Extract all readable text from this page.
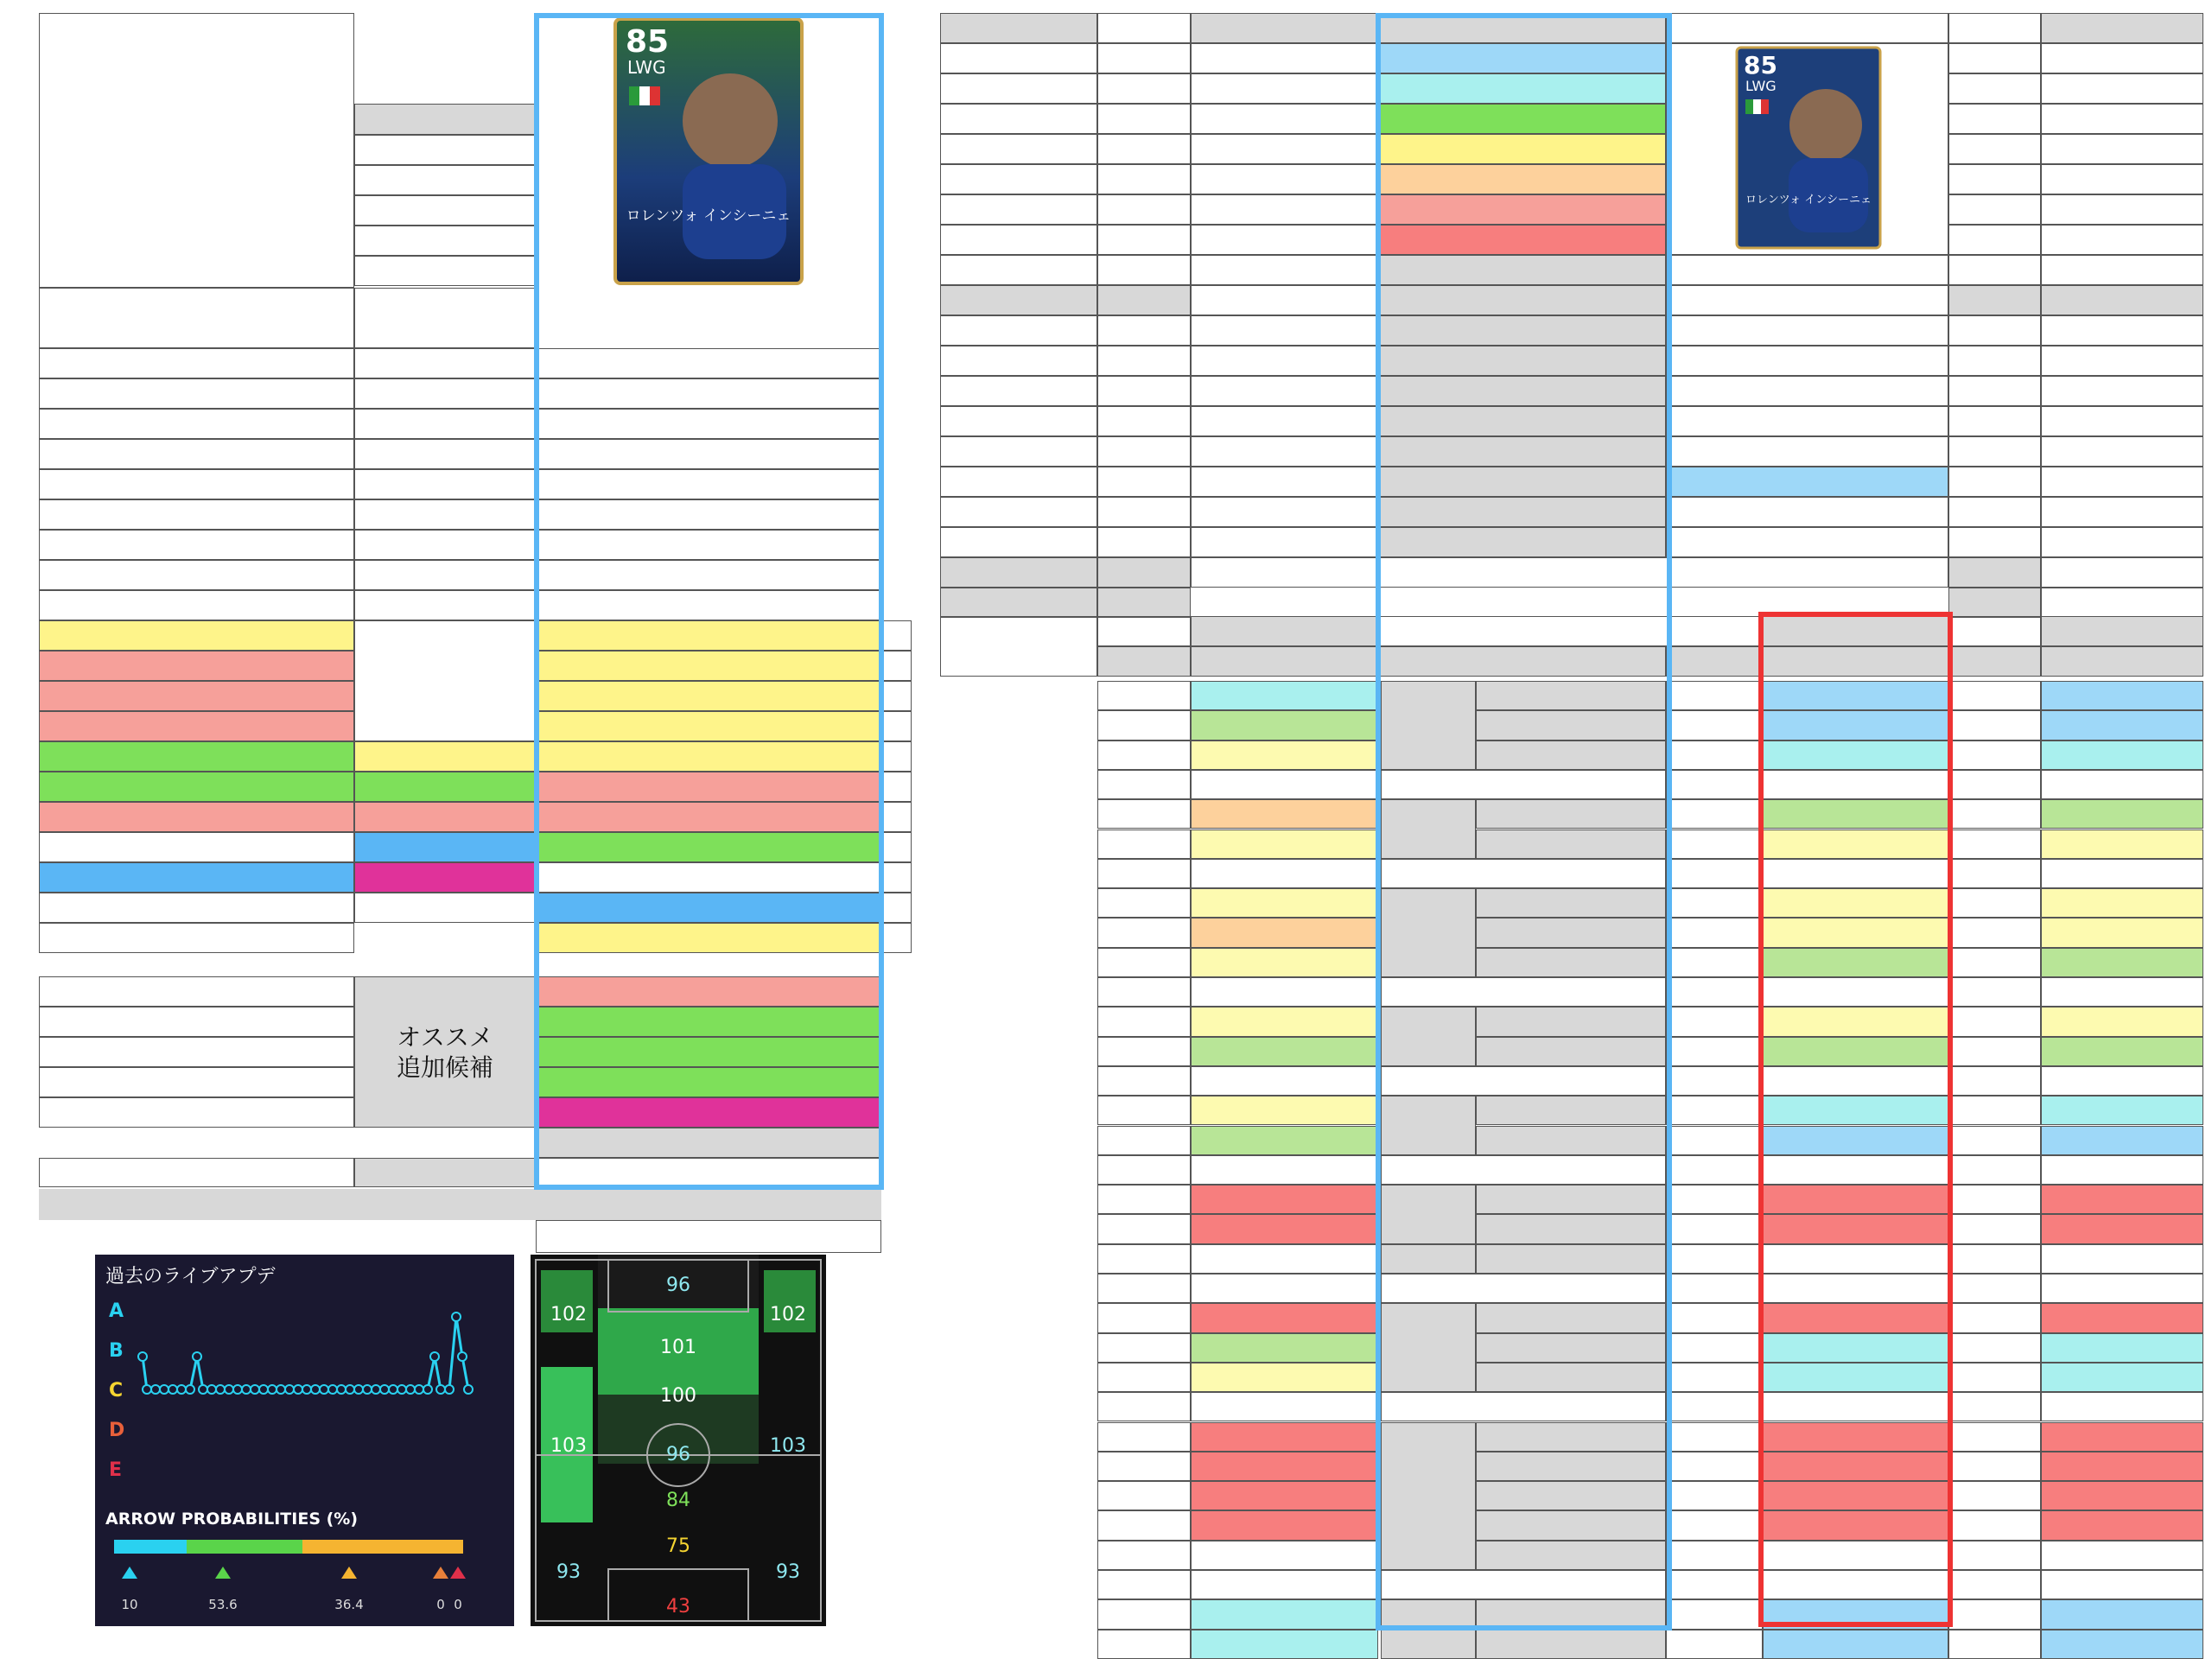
85
LWG
ロレンツォ インシーニェ
オススメ
追加候補
過去のライブアプデ
A
B
C
D
E
ARROW PROBABILITIES (%)
10	53.6	36.4	0 0
96
102	102
101
100
103	96	103
84
75
93	93
43
85
LWG
ロレンツォ インシーニェ
